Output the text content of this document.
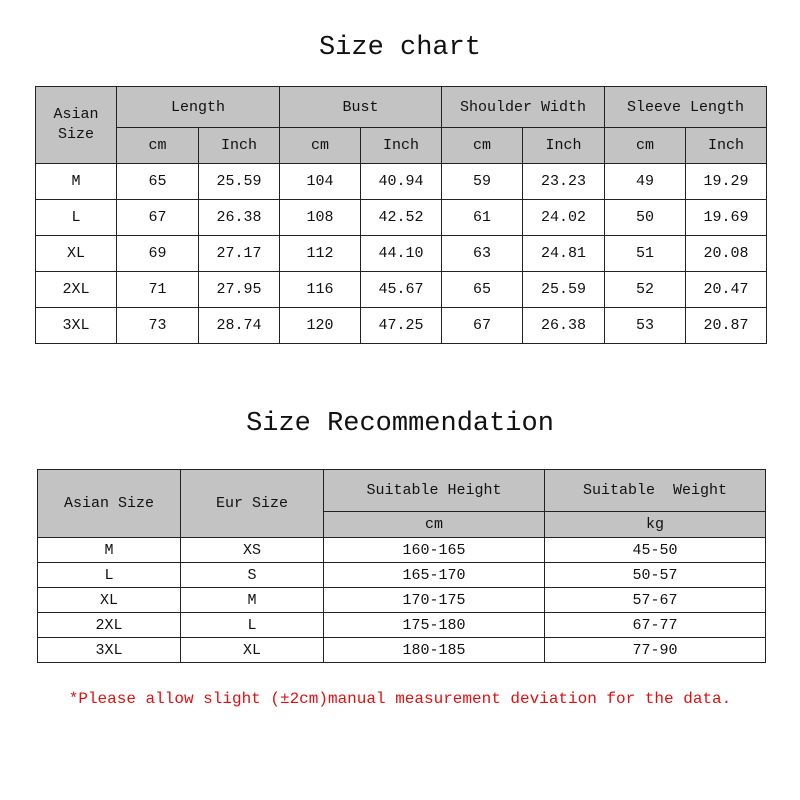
Size chart
Asian Size	Length		Bust		Shoulder Width		Sleeve Length	
	cm	Inch	cm	Inch	cm	Inch	cm	Inch
M	65	25.59	104	40.94	59	23.23	49	19.29
L	67	26.38	108	42.52	61	24.02	50	19.69
XL	69	27.17	112	44.10	63	24.81	51	20.08
2XL	71	27.95	116	45.67	65	25.59	52	20.47
3XL	73	28.74	120	47.25	67	26.38	53	20.87
Size Recommendation
Asian Size	Eur Size	Suitable Height	Suitable  Weight
		cm	kg
M	XS	160-165	45-50
L	S	165-170	50-57
XL	M	170-175	57-67
2XL	L	175-180	67-77
3XL	XL	180-185	77-90
*Please allow slight (±2cm)manual measurement deviation for the data.
